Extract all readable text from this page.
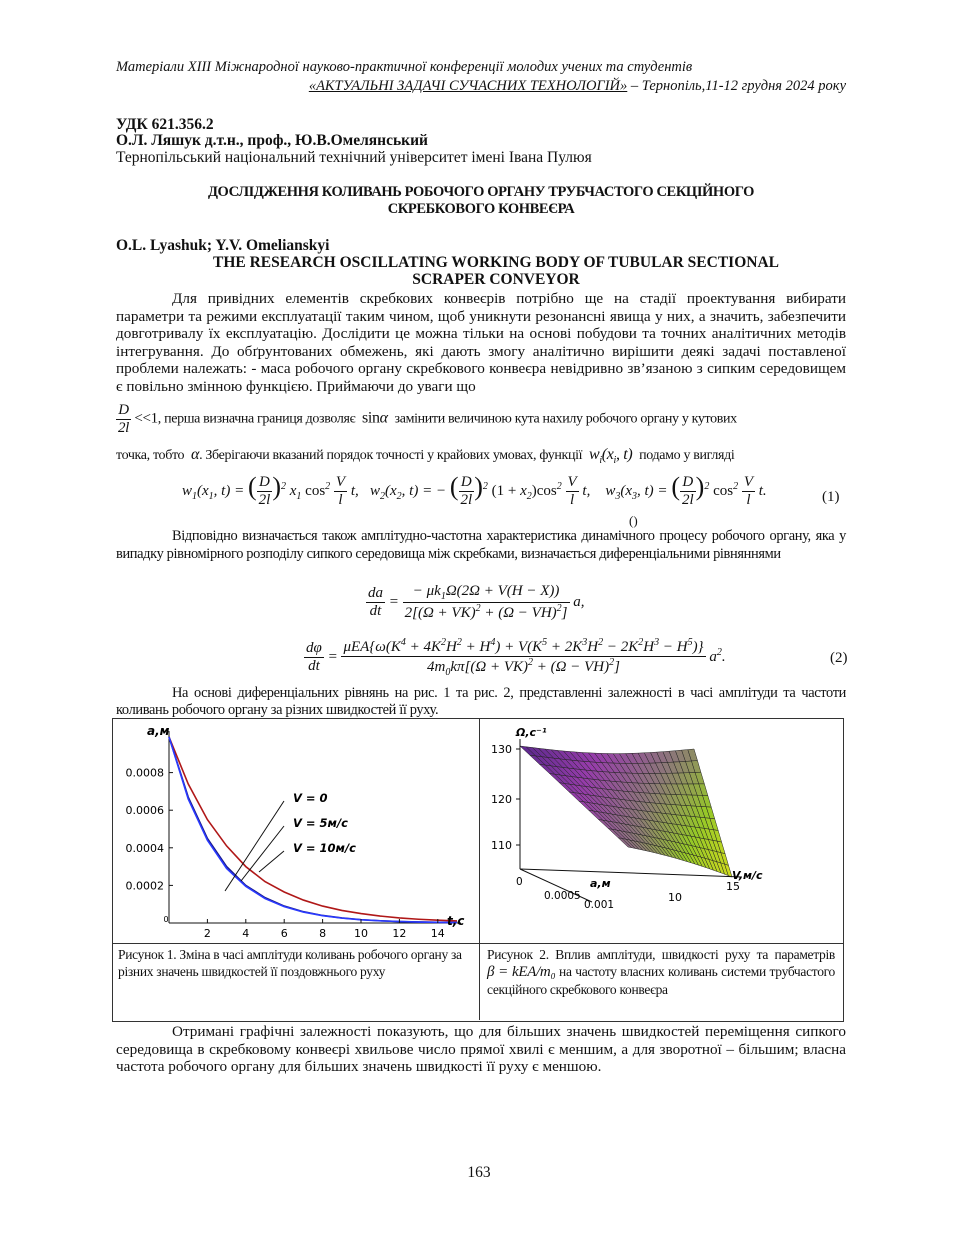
Матеріали XIII Міжнародної науково-практичної конференції молодих учених та студентів
«АКТУАЛЬНІ ЗАДАЧІ СУЧАСНИХ ТЕХНОЛОГІЙ» – Тернопіль,11-12 грудня 2024 року
УДК 621.356.2
О.Л. Ляшук д.т.н., проф., Ю.В.Омелянський
Тернопільський національний технічний університет імені Івана Пулюя
ДОСЛІДЖЕННЯ КОЛИВАНЬ РОБОЧОГО ОРГАНУ ТРУБЧАСТОГО СЕКЦІЙНОГО
СКРЕБКОВОГО КОНВЕЄРА
O.L. Lyashuk; Y.V. Omelianskyi
THE RESEARCH OSCILLATING WORKING BODY OF TUBULAR SECTIONAL
SCRAPER CONVEYOR
Для привідних елементів скребкових конвеєрів потрібно ще на стадії проектування вибирати параметри та режими експлуатації таким чином, щоб уникнути резонансні явища у них, а значить, забезпечити довготривалу їх експлуатацію. Дослідити це можна тільки на основі побудови та точних аналітичних методів інтегрування. До обґрунтованих обмежень, які дають змогу аналітично вирішити деякі задачі поставленої проблеми належать: - маса робочого органу скребкового конвеєра невідривно зв’язаною з сипким середовищем є повільно змінною функцією. Приймаючи до уваги що
$\frac{D}{2l} <<1$, перша визначна границя дозволяє  sinα замінити величиною кута нахилу робочого органу у кутових
точка, тобто  α. Зберігаючи вказаний порядок точності у крайових умовах, функції  $w_i(x_i$, t)  подамо у вигляді
$w_1(x_1$, t) = ( $\frac{D}{2l} )^2$ $x_1$ $\cos^2 \frac{V}{l} t$,   $w_2(x_2$, t) = − ( $\frac{D}{2l} )^2$ $(1 + x_2)\cos^2 \frac{V}{l} t$,    $w_3(x_3$, t) = ( $\frac{D}{2l} )^2$ $\cos^2 \frac{V}{l} t$.	(1)
()
Відповідно визначається також амплітудно-частотна характеристика динамічного процесу робочого органу, яка у випадку рівномірного розподілу сипкого середовища між скребками, визначається диференціальними рівняннями
$\frac{da}{dt} = \frac{- \mu k_1\Omega(2\Omega + V(H - X))}{2[(\Omega + VK)^2 + (\Omega - VH)^2]} a$,
$\frac{d\varphi}{dt} = \frac{\mu EA\{\omega(K^4 + 4K^2H^2 + H^4) + V(K^5 + 2K^3H^2 - 2K^2H^3 - H^5)\}}{4m_0k\pi[(\Omega + VK)^2 + (\Omega - VH)^2]} a^2$.	(2)
На основі диференціальних рівнянь на рис. 1 та рис. 2, представленні залежності в часі амплітуди та частоти коливань робочого органу за різних швидкостей її руху.
a,м
t,c
0.0008
0.0006
0.0004
0.0002
0
2	4	6	8	10 12 14
V = 0
V = 5м/с
V = 10м/с
130
120
110
Ω,c⁻¹
0
0.0005
0.001
a,м
10
15
V,м/с
Рисунок 1. Зміна в часі амплітуди коливань робочого органу за різних значень швидкостей її поздовжнього руху
Рисунок 2. Вплив амплітуди, швидкості руху та параметрів β = kEA/m₀ на частоту власних коливань системи трубчастого секційного скребкового конвеєра
Отримані графічні залежності показують, що для більших значень швидкостей переміщення сипкого середовища в скребковому конвеєрі хвильове число прямої хвилі є меншим, а для зворотної – більшим; власна частота робочого органу для більших значень швидкості її руху є меншою.
163
